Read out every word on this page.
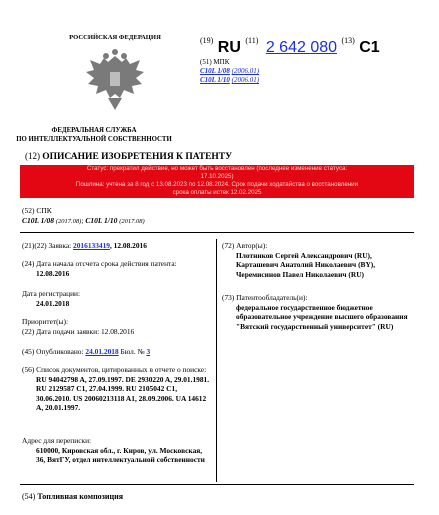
РОССИЙСКАЯ ФЕДЕРАЦИЯ
ФЕДЕРАЛЬНАЯ СЛУЖБА
ПО ИНТЕЛЛЕКТУАЛЬНОЙ СОБСТВЕННОСТИ
$^{(19)}$ RU $^{(11)}$ 2 642 080 $^{(13)}$ C1
(51) МПК
C10L 1/08 (2006.01)
C10L 1/10 (2006.01)
(12) ОПИСАНИЕ ИЗОБРЕТЕНИЯ К ПАТЕНТУ
Статус: прекратил действие, но может быть восстановлен (последнее изменение статуса:
17.10.2025)
Пошлина: учтена за 8 год с 13.08.2023 по 12.08.2024. Срок подачи ходатайства о восстановлении
срока оплаты истек 12.02.2025
(52) СПК
C10L 1/08 (2017.08); C10L 1/10 (2017.08)
(21)(22) Заявка: 2016133419, 12.08.2016
(24) Дата начала отсчета срока действия патента:
12.08.2016
Дата регистрации:
24.01.2018
Приоритет(ы):
(22) Дата подачи заявки: 12.08.2016
(45) Опубликовано: 24.01.2018 Бюл. № 3
(56) Список документов, цитированных в отчете о поиске:
RU 94042798 A, 27.09.1997. DE 2930220 A, 29.01.1981. RU 2129587 C1, 27.04.1999. RU 2105042 C1, 30.06.2010. US 20060213118 A1, 28.09.2006. UA 14612 A, 20.01.1997.
Адрес для переписки:
610000, Кировская обл., г. Киров, ул. Московская, 36, ВятГУ, отдел интеллектуальной собственности
(72) Автор(ы):
Плотников Сергей Александрович (RU),
Карташевич Анатолий Николаевич (BY),
Черемисинов Павел Николаевич (RU)
(73) Патентообладатель(и):
федеральное государственное бюджетное образовательное учреждение высшего образования "Вятский государственный университет" (RU)
(54) Топливная композиция
